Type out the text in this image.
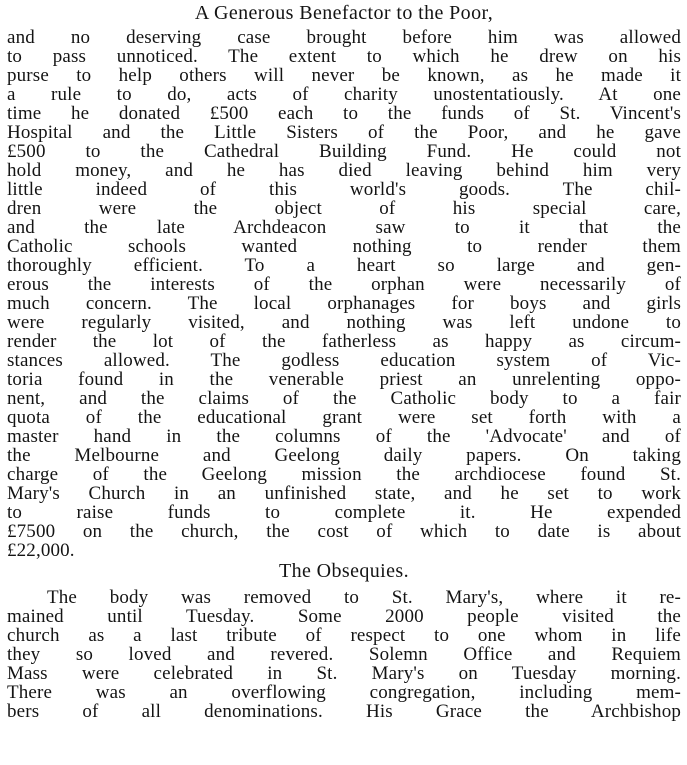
A Generous Benefactor to the Poor,
and no deserving case brought before him was allowed
to pass unnoticed. The extent to which he drew on his
purse to help others will never be known, as he made it
a rule to do, acts of charity unostentatiously. At one
time he donated £500 each to the funds of St. Vincent's
Hospital and the Little Sisters of the Poor, and he gave
£500 to the Cathedral Building Fund. He could not
hold money, and he has died leaving behind him very
little indeed of this world's goods. The chil-
dren were the object of his special care,
and the late Archdeacon saw to it that the
Catholic schools wanted nothing to render them
thoroughly efficient. To a heart so large and gen-
erous the interests of the orphan were necessarily of
much concern. The local orphanages for boys and girls
were regularly visited, and nothing was left undone to
render the lot of the fatherless as happy as circum-
stances allowed. The godless education system of Vic-
toria found in the venerable priest an unrelenting oppo-
nent, and the claims of the Catholic body to a fair
quota of the educational grant were set forth with a
master hand in the columns of the 'Advocate' and of
the Melbourne and Geelong daily papers. On taking
charge of the Geelong mission the archdiocese found St.
Mary's Church in an unfinished state, and he set to work
to raise funds to complete it. He expended
£7500 on the church, the cost of which to date is about
£22,000.
The Obsequies.
The body was removed to St. Mary's, where it re-
mained until Tuesday. Some 2000 people visited the
church as a last tribute of respect to one whom in life
they so loved and revered. Solemn Office and Requiem
Mass were celebrated in St. Mary's on Tuesday morning.
There was an overflowing congregation, including mem-
bers of all denominations. His Grace the Archbishop
